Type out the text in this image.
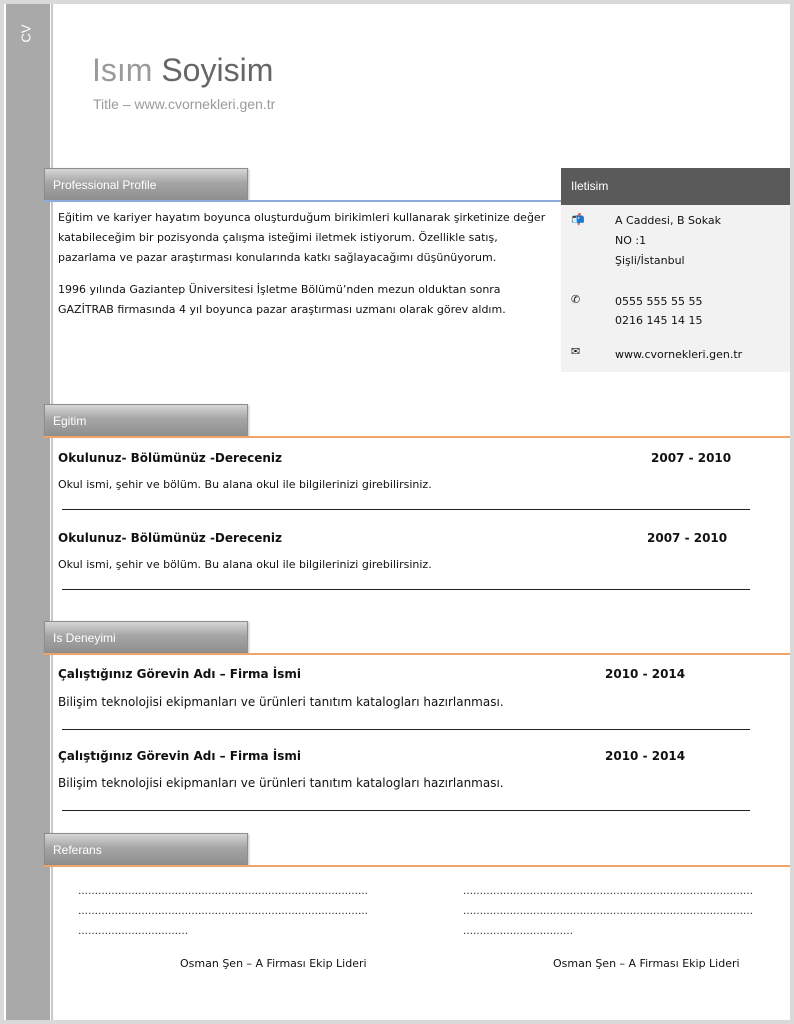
CV
Isım Soyisim
Title – www.cvornekleri.gen.tr
Professional Profile
Eğitim ve kariyer hayatım boyunca oluşturduğum birikimleri kullanarak şirketinize değer katabileceğim bir pozisyonda çalışma isteğimi iletmek istiyorum. Özellikle satış, pazarlama ve pazar araştırması konularında katkı sağlayacağımı düşünüyorum.
1996 yılında Gaziantep Üniversitesi İşletme Bölümü’nden mezun olduktan sonra GAZİTRAB firmasında 4 yıl boyunca pazar araştırması uzmanı olarak görev aldım.
Iletisim
📬	A Caddesi, B Sokak
NO :1
Şişli/İstanbul
✆	0555 555 55 55
0216 145 14 15
✉	www.cvornekleri.gen.tr
Egitim
Okulunuz- Bölümünüz -Dereceniz	2007 - 2010
Okul ismi, şehir ve bölüm. Bu alana okul ile bilgilerinizi girebilirsiniz.
Okulunuz- Bölümünüz -Dereceniz	2007 - 2010
Okul ismi, şehir ve bölüm. Bu alana okul ile bilgilerinizi girebilirsiniz.
Is Deneyimi
Çalıştığınız Görevin Adı – Firma İsmi	2010 - 2014
Bilişim teknolojisi ekipmanları ve ürünleri tanıtım katalogları hazırlanması.
Çalıştığınız Görevin Adı – Firma İsmi	2010 - 2014
Bilişim teknolojisi ekipmanları ve ürünleri tanıtım katalogları hazırlanması.
Referans
……………………………………………………………………………
……………………………………………………………………………
……………………………
Osman Şen – A Firması Ekip Lideri
……………………………………………………………………………
……………………………………………………………………………
……………………………
Osman Şen – A Firması Ekip Lideri
